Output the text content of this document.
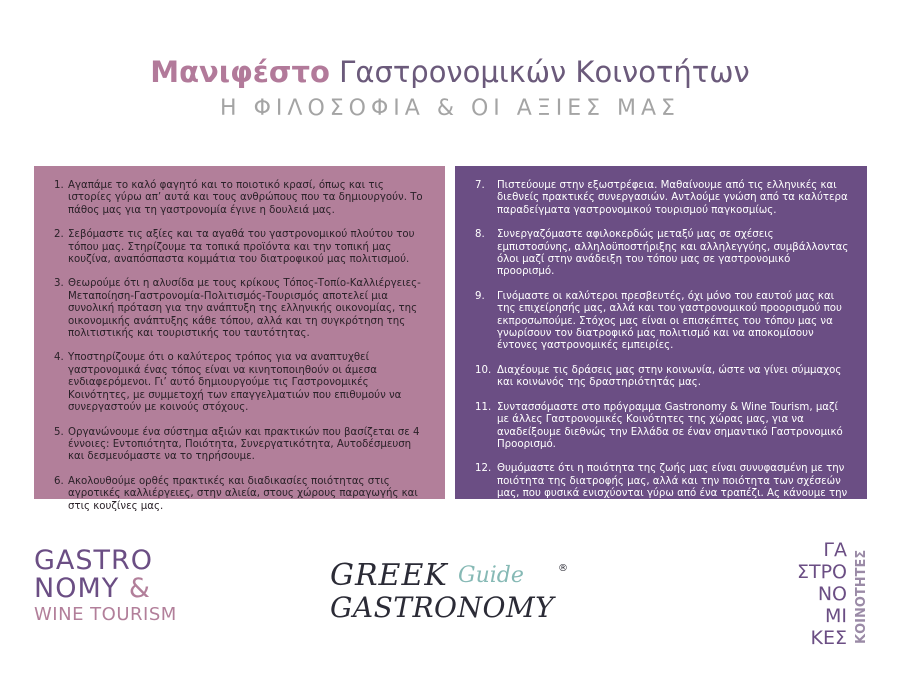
Μανιφέστο Γαστρονομικών Κοινοτήτων
Η ΦΙΛΟΣΟΦΙΑ & ΟΙ ΑΞΙΕΣ ΜΑΣ
1. Αγαπάμε το καλό φαγητό και το ποιοτικό κρασί, όπως και τις ιστορίες γύρω απ’ αυτά και τους ανθρώπους που τα δημιουργούν. Το πάθος μας για τη γαστρονομία έγινε η δουλειά μας.
2. Σεβόμαστε τις αξίες και τα αγαθά του γαστρονομικού πλούτου του τόπου μας. Στηρίζουμε τα τοπικά προϊόντα και την τοπική μας κουζίνα, αναπόσπαστα κομμάτια του διατροφικού μας πολιτισμού.
3. Θεωρούμε ότι η αλυσίδα με τους κρίκους Τόπος-Τοπίο-Καλλιέργειες-Μεταποίηση-Γαστρονομία-Πολιτισμός-Τουρισμός αποτελεί μια συνολική πρόταση για την ανάπτυξη της ελληνικής οικονομίας, της οικονομικής ανάπτυξης κάθε τόπου, αλλά και τη συγκρότηση της πολιτιστικής και τουριστικής του ταυτότητας.
4. Υποστηρίζουμε ότι ο καλύτερος τρόπος για να αναπτυχθεί γαστρονομικά ένας τόπος είναι να κινητοποιηθούν οι άμεσα ενδιαφερόμενοι. Γι’ αυτό δημιουργούμε τις Γαστρονομικές Κοινότητες, με συμμετοχή των επαγγελματιών που επιθυμούν να συνεργαστούν με κοινούς στόχους.
5. Οργανώνουμε ένα σύστημα αξιών και πρακτικών που βασίζεται σε 4 έννοιες: Εντοπιότητα, Ποιότητα, Συνεργατικότητα, Αυτοδέσμευση και δεσμευόμαστε να το τηρήσουμε.
6. Ακολουθούμε ορθές πρακτικές και διαδικασίες ποιότητας στις αγροτικές καλλιέργειες, στην αλιεία, στους χώρους παραγωγής και στις κουζίνες μας.
7.	Πιστεύουμε στην εξωστρέφεια. Μαθαίνουμε από τις ελληνικές και διεθνείς πρακτικές συνεργασιών. Αντλούμε γνώση από τα καλύτερα παραδείγματα γαστρονομικού τουρισμού παγκοσμίως.
8.	Συνεργαζόμαστε αφιλοκερδώς μεταξύ μας σε σχέσεις εμπιστοσύνης, αλληλοϋποστήριξης και αλληλεγγύης, συμβάλλοντας όλοι μαζί στην ανάδειξη του τόπου μας σε γαστρονομικό προορισμό.
9.	Γινόμαστε οι καλύτεροι πρεσβευτές, όχι μόνο του εαυτού μας και της επιχείρησής μας, αλλά και του γαστρονομικού προορισμού που εκπροσωπούμε. Στόχος μας είναι οι επισκέπτες του τόπου μας να γνωρίσουν τον διατροφικό μας πολιτισμό και να αποκομίσουν έντονες γαστρονομικές εμπειρίες.
10. Διαχέουμε τις δράσεις μας στην κοινωνία, ώστε να γίνει σύμμαχος και κοινωνός της δραστηριότητάς μας.
11. Συντασσόμαστε στο πρόγραμμα Gastronomy & Wine Tourism, μαζί με άλλες Γαστρονομικές Κοινότητες της χώρας μας, για να αναδείξουμε διεθνώς την Ελλάδα σε έναν σημαντικό Γαστρονομικό Προορισμό.
12. Θυμόμαστε ότι η ποιότητα της ζωής μας είναι συνυφασμένη με την ποιότητα της διατροφής μας, αλλά και την ποιότητα των σχέσεών μας, που φυσικά ενισχύονται γύρω από ένα τραπέζι. Ας κάνουμε την Ελλάδα ένα μεγάλο τραπέζι γνώσης, συνεργασίας και χαράς!
GASTRO
NOMY &
WINE TOURISM
GREEK Guide	®
GASTRONOMY
ΓΑ
ΣΤΡΟ
ΝΟ
ΜΙ
ΚΕΣ ΚΟΙΝΟΤΗΤΕΣ
